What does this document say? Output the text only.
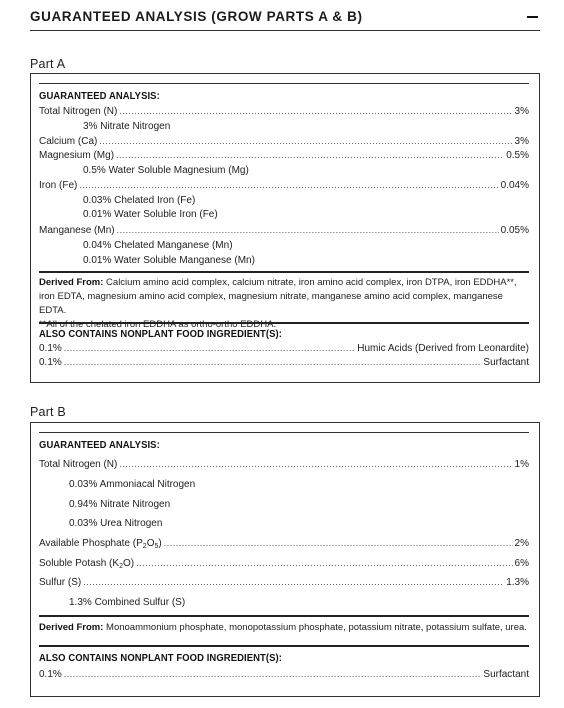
GUARANTEED ANALYSIS (GROW PARTS A & B)
Part A
GUARANTEED ANALYSIS:
Total Nitrogen (N) .....	3%
3% Nitrate Nitrogen
Calcium (Ca) .....	3%
Magnesium (Mg) .....	0.5%
0.5% Water Soluble Magnesium (Mg)
Iron (Fe) .....	0.04%
0.03% Chelated Iron (Fe)
0.01% Water Soluble Iron (Fe)
Manganese (Mn) .....	0.05%
0.04% Chelated Manganese (Mn)
0.01% Water Soluble Manganese (Mn)
Derived From: Calcium amino acid complex, calcium nitrate, iron amino acid complex, iron DTPA, iron EDDHA**, iron EDTA, magnesium amino acid complex, magnesium nitrate, manganese amino acid complex, manganese EDTA.
**All of the chelated iron EDDHA as ortho-ortho EDDHA.
ALSO CONTAINS NONPLANT FOOD INGREDIENT(S):
0.1% .....	Humic Acids (Derived from Leonardite)
0.1% .....	Surfactant
Part B
GUARANTEED ANALYSIS:
Total Nitrogen (N) .....	1%
0.03% Ammoniacal Nitrogen
0.94% Nitrate Nitrogen
0.03% Urea Nitrogen
Available Phosphate $(P_2O_5)$ .....	2%
Soluble Potash $(K_2O)$ .....	6%
Sulfur (S) .....	1.3%
1.3% Combined Sulfur (S)
Derived From: Monoammonium phosphate, monopotassium phosphate, potassium nitrate, potassium sulfate, urea.
ALSO CONTAINS NONPLANT FOOD INGREDIENT(S):
0.1% .....	Surfactant
